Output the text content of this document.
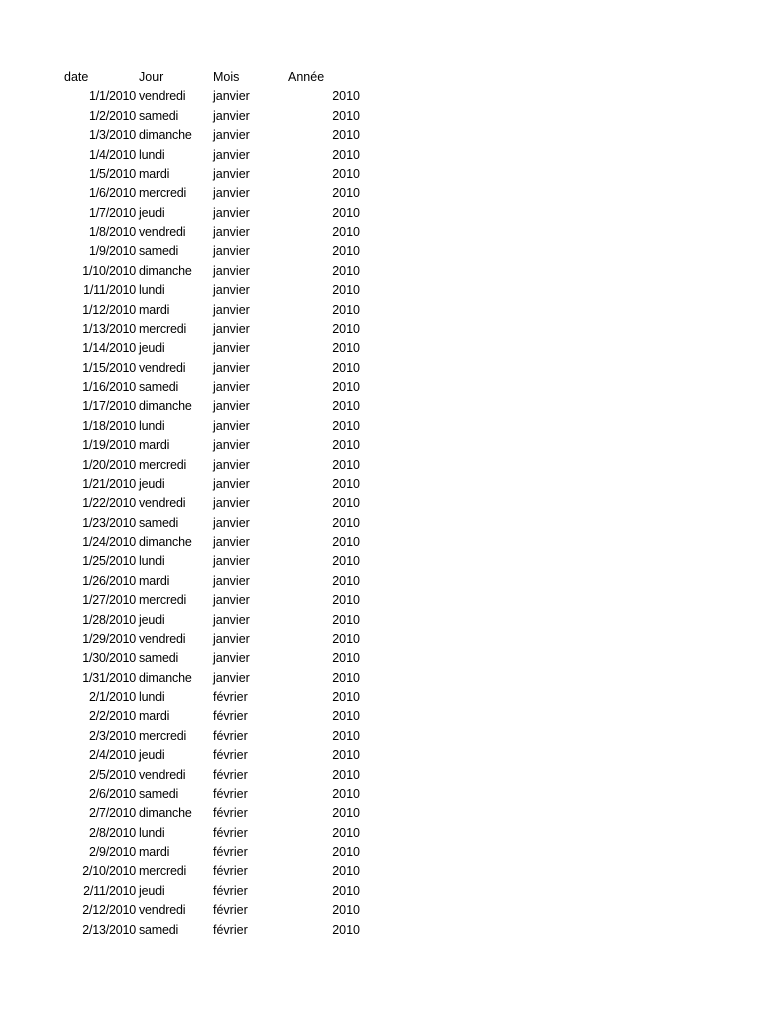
date	Jour	Mois	Année
1/1/2010 vendredi janvier	2010
1/2/2010 samedi	janvier	2010
1/3/2010 dimanche janvier	2010
1/4/2010 lundi	janvier	2010
1/5/2010 mardi	janvier	2010
1/6/2010 mercredi janvier	2010
1/7/2010 jeudi	janvier	2010
1/8/2010 vendredi janvier	2010
1/9/2010 samedi	janvier	2010
1/10/2010 dimanche janvier	2010
1/11/2010 lundi	janvier	2010
1/12/2010 mardi	janvier	2010
1/13/2010 mercredi janvier	2010
1/14/2010 jeudi	janvier	2010
1/15/2010 vendredi janvier	2010
1/16/2010 samedi	janvier	2010
1/17/2010 dimanche janvier	2010
1/18/2010 lundi	janvier	2010
1/19/2010 mardi	janvier	2010
1/20/2010 mercredi janvier	2010
1/21/2010 jeudi	janvier	2010
1/22/2010 vendredi janvier	2010
1/23/2010 samedi	janvier	2010
1/24/2010 dimanche janvier	2010
1/25/2010 lundi	janvier	2010
1/26/2010 mardi	janvier	2010
1/27/2010 mercredi janvier	2010
1/28/2010 jeudi	janvier	2010
1/29/2010 vendredi janvier	2010
1/30/2010 samedi	janvier	2010
1/31/2010 dimanche janvier	2010
2/1/2010 lundi	février	2010
2/2/2010 mardi	février	2010
2/3/2010 mercredi février	2010
2/4/2010 jeudi	février	2010
2/5/2010 vendredi février	2010
2/6/2010 samedi	février	2010
2/7/2010 dimanche février	2010
2/8/2010 lundi	février	2010
2/9/2010 mardi	février	2010
2/10/2010 mercredi février	2010
2/11/2010 jeudi	février	2010
2/12/2010 vendredi février	2010
2/13/2010 samedi	février	2010
